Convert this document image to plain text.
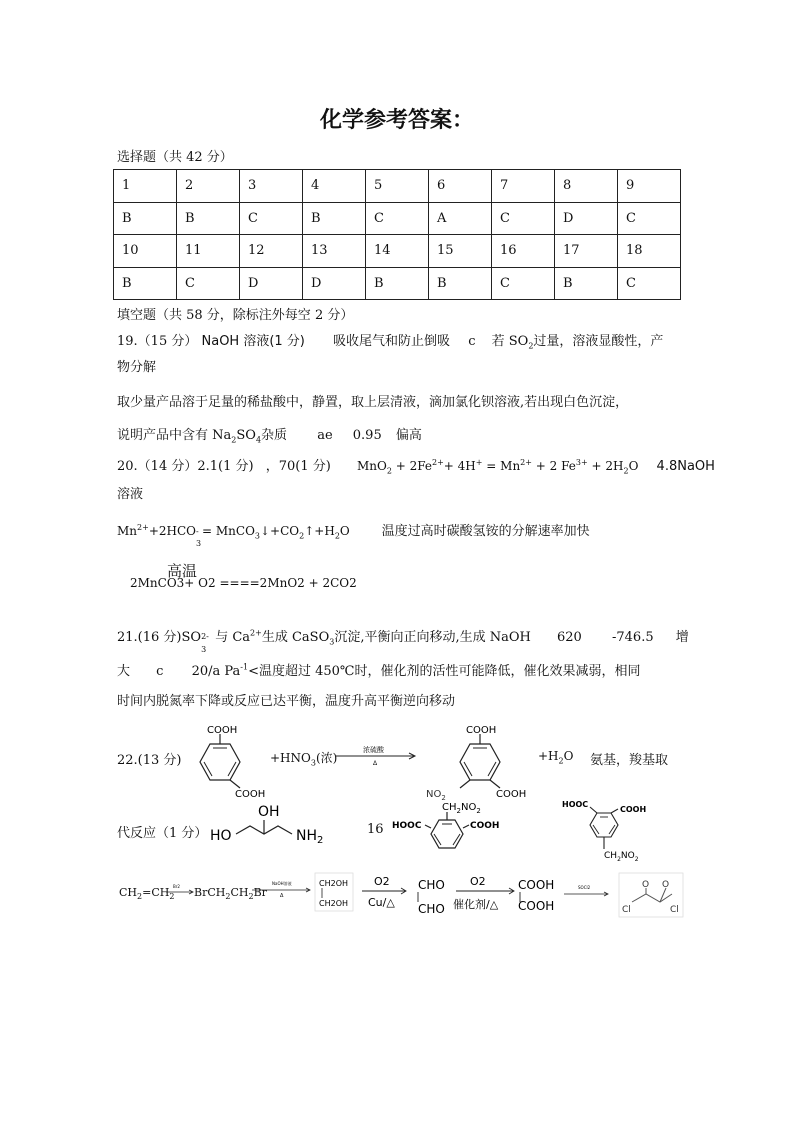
化学参考答案：
选择题（共 42 分）
1	2	3	4	5	6	7	8	9
B	B	C	B	C	A	C	D	C
10	11	12	13	14	15	16	17	18
B	C	D	D	B	B	C	B	C
填空题（共 58 分，除标注外每空 2 分）
19.（15 分） NaOH 溶液(1 分) 吸收尾气和防止倒吸 c 若 $SO_2$过量，溶液显酸性，产
物分解
取少量产品溶于足量的稀盐酸中，静置，取上层清液，滴加氯化钡溶液,若出现白色沉淀，
说明产品中含有 $Na_2SO_4$杂质 ae 0.95 偏高
20.（14 分）2.1(1 分) ，70(1 分) $MnO_2 + 2Fe^{2+}+ 4H^+ = Mn^{2+} + 2$ $Fe^{3+} + 2H_2O$ 4.8NaOH
溶液
$Mn^{2+}+2HCO$
3
- = $MnCO_3↓+CO_2↑+H_2O$ 温度过高时碳酸氢铵的分解速率加快
高温
2MnCO3+ O2 ====2MnO2 + 2CO2
21.(16 分)SO 2-
3
与 $Ca^{2+}$生成 CaSO$_3$沉淀,平衡向正向移动,生成 NaOH 620 -746.5 增
大 c 20/a $Pa^{-1}<$温度超过 450℃时，催化剂的活性可能降低，催化效果减弱，相同
时间内脱氮率下降或反应已达平衡，温度升高平衡逆向移动
22.(13 分)
COOH
COOH
$+HNO_3$(浓)
浓硫酸
Δ
COOH
COOH
$NO_2$
$+H_2O$ 氨基，羧基取
代反应（1 分） HO
OH
$NH_2$
16
$CH_2NO_2$
HOOC	COOH
HOOC
COOH
$CH_2NO_2$
$CH_2=CH_2$
Br2 $BrCH_2CH_2Br$
NaOH溶液
Δ
CH2OH
CH2OH
O2
Cu/△
CHO
CHO
O2
催化剂/△
COOH
COOH
SOCl2	O O
Cl	Cl
